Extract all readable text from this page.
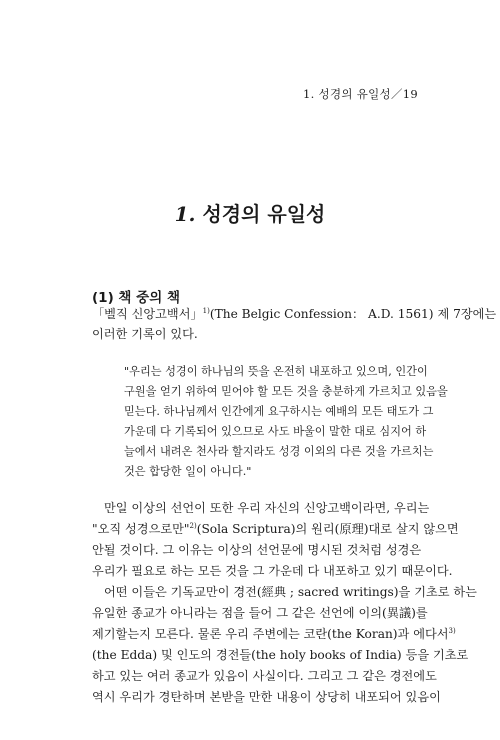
1. 성경의 유일성／19
1. 성경의 유일성
(1) 책 중의 책
「벨직 신앙고백서」$^{1)}$(The Belgic Confession： A.D. 1561) 제 7장에는
이러한 기록이 있다.
"우리는 성경이 하나님의 뜻을 온전히 내포하고 있으며, 인간이
구원을 얻기 위하여 믿어야 할 모든 것을 충분하게 가르치고 있음을
믿는다. 하나님께서 인간에게 요구하시는 예배의 모든 태도가 그
가운데 다 기록되어 있으므로 사도 바울이 말한 대로 심지어 하
늘에서 내려온 천사라 할지라도 성경 이외의 다른 것을 가르치는
것은 합당한 일이 아니다."
만일 이상의 선언이 또한 우리 자신의 신앙고백이라면, 우리는
"오직 성경으로만"$^{2)}$(Sola Scriptura)의 원리(原理)대로 살지 않으면
안될 것이다. 그 이유는 이상의 선언문에 명시된 것처럼 성경은
우리가 필요로 하는 모든 것을 그 가운데 다 내포하고 있기 때문이다.
어떤 이들은 기독교만이 경전(經典 ; sacred writings)을 기초로 하는
유일한 종교가 아니라는 점을 들어 그 같은 선언에 이의(異議)를
제기할는지 모른다. 물론 우리 주변에는 코란(the Koran)과 에다서$^{3)}$
(the Edda) 및 인도의 경전들(the holy books of India) 등을 기초로
하고 있는 여러 종교가 있음이 사실이다. 그리고 그 같은 경전에도
역시 우리가 경탄하며 본받을 만한 내용이 상당히 내포되어 있음이
